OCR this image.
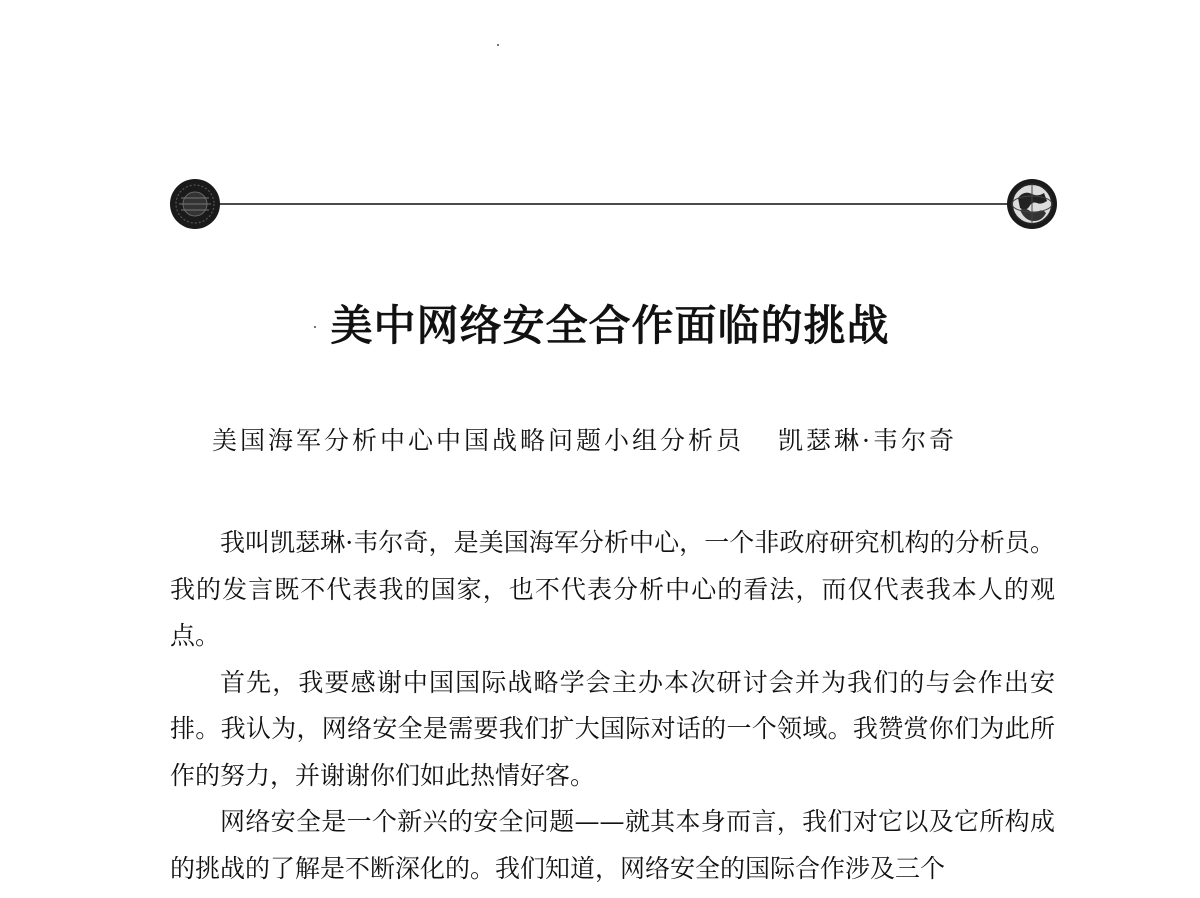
美中网络安全合作面临的挑战
美国海军分析中心中国战略问题小组分析员 凯瑟琳·韦尔奇

我叫凯瑟琳·韦尔奇，是美国海军分析中心，一个非政府研究机构的分析员。我的发言既不代表我的国家，也不代表分析中心的看法，而仅代表我本人的观点。

首先，我要感谢中国国际战略学会主办本次研讨会并为我们的与会作出安排。我认为，网络安全是需要我们扩大国际对话的一个领域。我赞赏你们为此所作的努力，并谢谢你们如此热情好客。

网络安全是一个新兴的安全问题——就其本身而言，我们对它以及它所构成的挑战的了解是不断深化的。我们知道，网络安全的国际合作涉及三个
